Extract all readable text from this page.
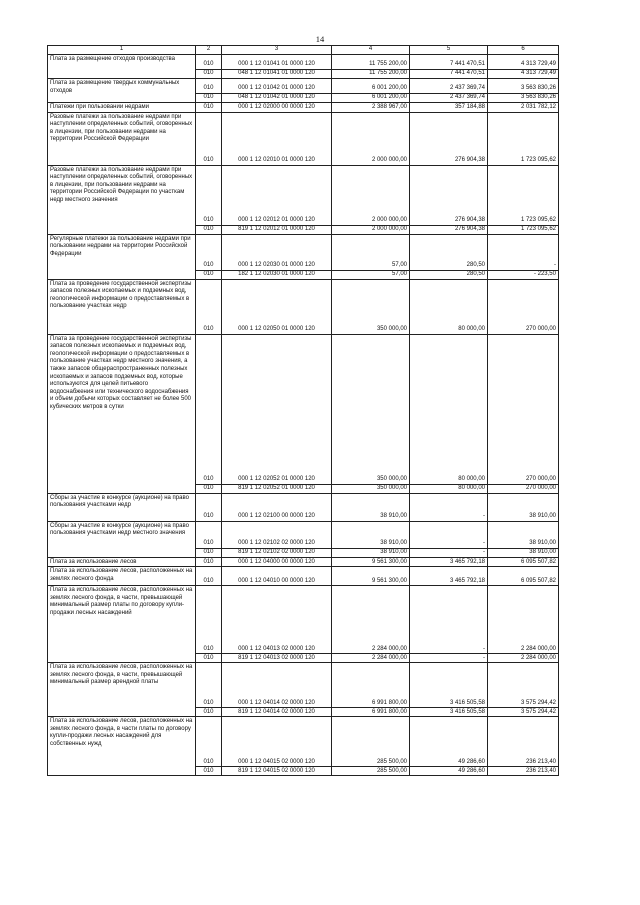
14
1	2	3	4	5	6
Плата за размещение отходов производства	010	000 1 12 01041 01 0000 120	11 755 200,00	7 441 470,51	4 313 729,49
	010	048 1 12 01041 01 0000 120	11 755 200,00	7 441 470,51	4 313 729,49
Плата за размещение твердых коммунальных отходов	010	000 1 12 01042 01 0000 120	6 001 200,00	2 437 369,74	3 563 830,26
	010	048 1 12 01042 01 0000 120	6 001 200,00	2 437 369,74	3 563 830,26
Платежи при пользовании недрами	010	000 1 12 02000 00 0000 120	2 388 967,00	357 184,88	2 031 782,12
Разовые платежи за пользование недрами при наступлении определенных событий, оговоренных в лицензии, при пользовании недрами на территории Российской Федерации	010	000 1 12 02010 01 0000 120	2 000 000,00	276 904,38	1 723 095,62
Разовые платежи за пользование недрами при наступлении определенных событий, оговоренных в лицензии, при пользовании недрами на территории Российской Федерации по участкам недр местного значения	010	000 1 12 02012 01 0000 120	2 000 000,00	276 904,38	1 723 095,62
	010	819 1 12 02012 01 0000 120	2 000 000,00	276 904,38	1 723 095,62
Регулярные платежи за пользование недрами при пользовании недрами на территории Российской Федерации	010	000 1 12 02030 01 0000 120	57,00	280,50	-
	010	182 1 12 02030 01 0000 120	57,00	280,50	- 223,50
Плата за проведение государственной экспертизы запасов полезных ископаемых и подземных вод, геологической информации о предоставляемых в пользование участках недр	010	000 1 12 02050 01 0000 120	350 000,00	80 000,00	270 000,00
Плата за проведение государственной экспертизы запасов полезных ископаемых и подземных вод, геологической информации о предоставляемых в пользование участках недр местного значения, а также запасов общераспространенных полезных ископаемых и запасов подземных вод, которые используются для целей питьевого водоснабжения или технического водоснабжения и объем добычи которых составляет не более 500 кубических метров в сутки	010	000 1 12 02052 01 0000 120	350 000,00	80 000,00	270 000,00
	010	819 1 12 02052 01 0000 120	350 000,00	80 000,00	270 000,00
Сборы за участие в конкурсе (аукционе) на право пользования участками недр	010	000 1 12 02100 00 0000 120	38 910,00	-	38 910,00
Сборы за участие в конкурсе (аукционе) на право пользования участками недр местного значения	010	000 1 12 02102 02 0000 120	38 910,00	-	38 910,00
	010	819 1 12 02102 02 0000 120	38 910,00	-	38 910,00
Плата за использование лесов	010	000 1 12 04000 00 0000 120	9 561 300,00	3 465 792,18	6 095 507,82
Плата за использование лесов, расположенных на землях лесного фонда	010	000 1 12 04010 00 0000 120	9 561 300,00	3 465 792,18	6 095 507,82
Плата за использование лесов, расположенных на землях лесного фонда, в части, превышающей минимальный размер платы по договору купли-продажи лесных насаждений	010	000 1 12 04013 02 0000 120	2 284 000,00	-	2 284 000,00
	010	819 1 12 04013 02 0000 120	2 284 000,00	-	2 284 000,00
Плата за использование лесов, расположенных на землях лесного фонда, в части, превышающей минимальный размер арендной платы	010	000 1 12 04014 02 0000 120	6 991 800,00	3 416 505,58	3 575 294,42
	010	819 1 12 04014 02 0000 120	6 991 800,00	3 416 505,58	3 575 294,42
Плата за использование лесов, расположенных на землях лесного фонда, в части платы по договору купли-продажи лесных насаждений для собственных нужд	010	000 1 12 04015 02 0000 120	285 500,00	49 286,60	236 213,40
	010	819 1 12 04015 02 0000 120	285 500,00	49 286,60	236 213,40
